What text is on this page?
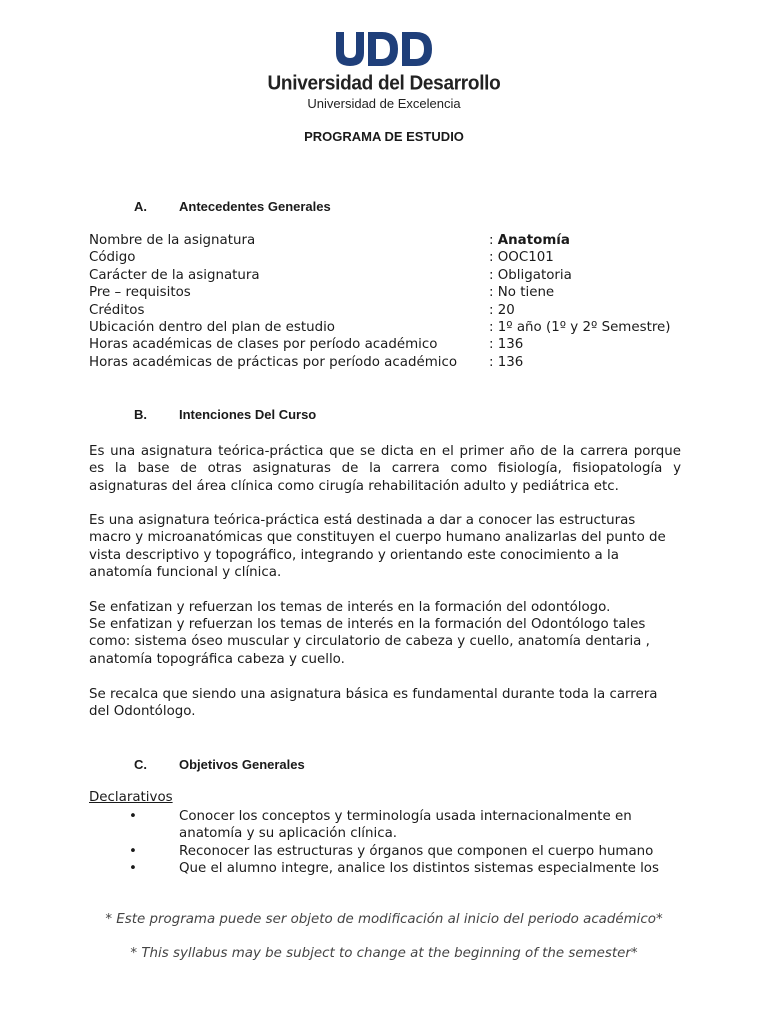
Universidad del Desarrollo
Universidad de Excelencia
PROGRAMA DE ESTUDIO
A. Antecedentes Generales
Nombre de la asignatura	: Anatomía
Código	: OOC101
Carácter de la asignatura	: Obligatoria
Pre – requisitos	: No tiene
Créditos	: 20
Ubicación dentro del plan de estudio	: 1º año (1º y 2º Semestre)
Horas académicas de clases por período académico	: 136
Horas académicas de prácticas por período académico	: 136
B. Intenciones Del Curso

Es una asignatura teórica-práctica que se dicta en el primer año de la carrera porque es la base de otras asignaturas de la carrera como fisiología, fisiopatología y asignaturas del área clínica como cirugía rehabilitación adulto y pediátrica etc.

Es una asignatura teórica-práctica está destinada a dar a conocer las estructuras macro y microanatómicas que constituyen el cuerpo humano analizarlas del punto de vista descriptivo y topográfico, integrando y orientando este conocimiento a la anatomía funcional y clínica.

Se enfatizan y refuerzan los temas de interés en la formación del odontólogo.

Se enfatizan y refuerzan los temas de interés en la formación del Odontólogo tales como: sistema óseo muscular y circulatorio de cabeza y cuello, anatomía dentaria , anatomía topográfica cabeza y cuello.

Se recalca que siendo una asignatura básica es fundamental durante toda la carrera del Odontólogo.

C. Objetivos Generales
Declarativos
•	Conocer los conceptos y terminología usada internacionalmente en anatomía y su aplicación clínica.
•	Reconocer las estructuras y órganos que componen el cuerpo humano
•	Que el alumno integre, analice los distintos sistemas especialmente los
* Este programa puede ser objeto de modificación al inicio del periodo académico*
* This syllabus may be subject to change at the beginning of the semester*
